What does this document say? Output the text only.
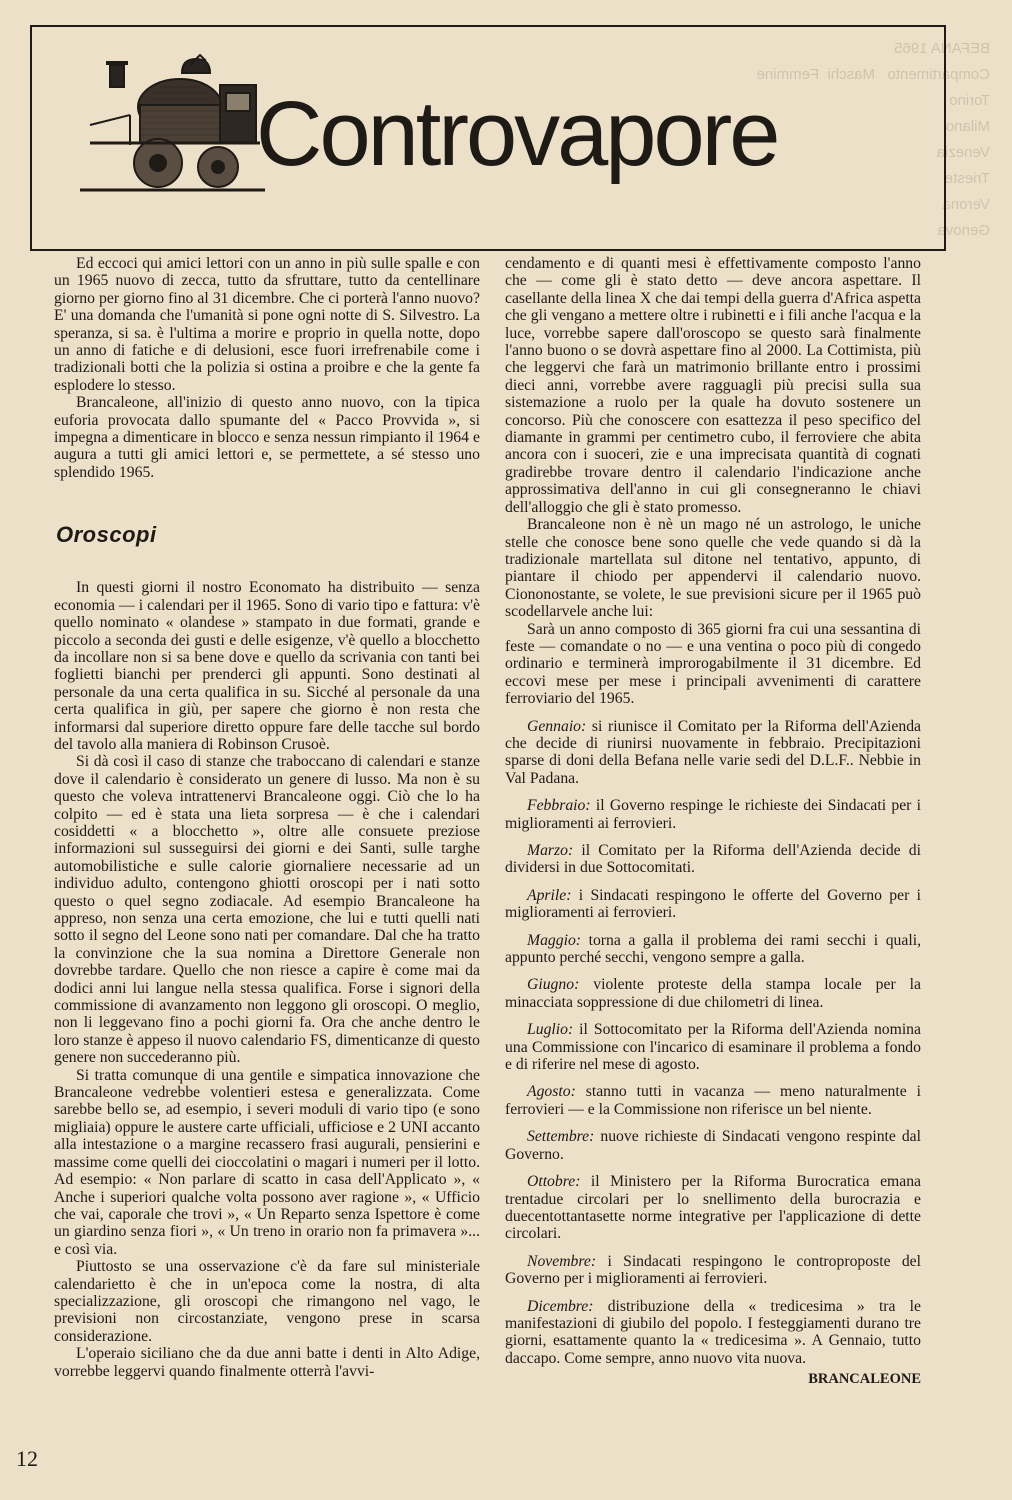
BEFANA 1965
Compartimento   Maschi  Femmine
Torino
Milano
Venezia
Trieste
Verona
Genova
Controvapore

Ed eccoci qui amici lettori con un anno in più sulle spalle e con un 1965 nuovo di zecca, tutto da sfruttare, tutto da centellinare giorno per giorno fino al 31 dicembre. Che ci porterà l'anno nuovo? E' una domanda che l'umanità si pone ogni notte di S. Silvestro. La speranza, si sa. è l'ultima a morire e proprio in quella notte, dopo un anno di fatiche e di delusioni, esce fuori irrefrenabile come i tradizionali botti che la polizia si ostina a proibre e che la gente fa esplodere lo stesso.

Brancaleone, all'inizio di questo anno nuovo, con la tipica euforia provocata dallo spumante del « Pacco Provvida », si impegna a dimenticare in blocco e senza nessun rimpianto il 1964 e augura a tutti gli amici lettori e, se permettete, a sé stesso uno splendido 1965.

In questi giorni il nostro Economato ha distribuito — senza economia — i calendari per il 1965. Sono di vario tipo e fattura: v'è quello nominato « olandese » stampato in due formati, grande e piccolo a seconda dei gusti e delle esigenze, v'è quello a blocchetto da incollare non si sa bene dove e quello da scrivania con tanti bei foglietti bianchi per prenderci gli appunti. Sono destinati al personale da una certa qualifica in su. Sicché al personale da una certa qualifica in giù, per sapere che giorno è non resta che informarsi dal superiore diretto oppure fare delle tacche sul bordo del tavolo alla maniera di Robinson Crusoè.

Si dà così il caso di stanze che traboccano di calendari e stanze dove il calendario è considerato un genere di lusso. Ma non è su questo che voleva intrattenervi Brancaleone oggi. Ciò che lo ha colpito — ed è stata una lieta sorpresa — è che i calendari cosiddetti « a blocchetto », oltre alle consuete preziose informazioni sul susseguirsi dei giorni e dei Santi, sulle targhe automobilistiche e sulle calorie giornaliere necessarie ad un individuo adulto, contengono ghiotti oroscopi per i nati sotto questo o quel segno zodiacale. Ad esempio Brancaleone ha appreso, non senza una certa emozione, che lui e tutti quelli nati sotto il segno del Leone sono nati per comandare. Dal che ha tratto la convinzione che la sua nomina a Direttore Generale non dovrebbe tardare. Quello che non riesce a capire è come mai da dodici anni lui langue nella stessa qualifica. Forse i signori della commissione di avanzamento non leggono gli oroscopi. O meglio, non li leggevano fino a pochi giorni fa. Ora che anche dentro le loro stanze è appeso il nuovo calendario FS, dimenticanze di questo genere non succederanno più.

Si tratta comunque di una gentile e simpatica innovazione che Brancaleone vedrebbe volentieri estesa e generalizzata. Come sarebbe bello se, ad esempio, i severi moduli di vario tipo (e sono migliaia) oppure le austere carte ufficiali, ufficiose e 2 UNI accanto alla intestazione o a margine recassero frasi augurali, pensierini e massime come quelli dei cioccolatini o magari i numeri per il lotto. Ad esempio: « Non parlare di scatto in casa dell'Applicato », « Anche i superiori qualche volta possono aver ragione », « Ufficio che vai, caporale che trovi », « Un Reparto senza Ispettore è come un giardino senza fiori », « Un treno in orario non fa primavera »... e così via.

Piuttosto se una osservazione c'è da fare sul ministeriale calendarietto è che in un'epoca come la nostra, di alta specializzazione, gli oroscopi che rimangono nel vago, le previsioni non circostanziate, vengono prese in scarsa considerazione.

L'operaio siciliano che da due anni batte i denti in Alto Adige, vorrebbe leggervi quando finalmente otterrà l'avvi-

Oroscopi

cendamento e di quanti mesi è effettivamente composto l'anno che — come gli è stato detto — deve ancora aspettare. Il casellante della linea X che dai tempi della guerra d'Africa aspetta che gli vengano a mettere oltre i rubinetti e i fili anche l'acqua e la luce, vorrebbe sapere dall'oroscopo se questo sarà finalmente l'anno buono o se dovrà aspettare fino al 2000. La Cottimista, più che leggervi che farà un matrimonio brillante entro i prossimi dieci anni, vorrebbe avere ragguagli più precisi sulla sua sistemazione a ruolo per la quale ha dovuto sostenere un concorso. Più che conoscere con esattezza il peso specifico del diamante in grammi per centimetro cubo, il ferroviere che abita ancora con i suoceri, zie e una imprecisata quantità di cognati gradirebbe trovare dentro il calendario l'indicazione anche approssimativa dell'anno in cui gli consegneranno le chiavi dell'alloggio che gli è stato promesso.

Brancaleone non è nè un mago né un astrologo, le uniche stelle che conosce bene sono quelle che vede quando si dà la tradizionale martellata sul ditone nel tentativo, appunto, di piantare il chiodo per appendervi il calendario nuovo. Ciononostante, se volete, le sue previsioni sicure per il 1965 può scodellarvele anche lui:

Sarà un anno composto di 365 giorni fra cui una sessantina di feste — comandate o no — e una ventina o poco più di congedo ordinario e terminerà improrogabilmente il 31 dicembre. Ed eccovi mese per mese i principali avvenimenti di carattere ferroviario del 1965.

Gennaio: si riunisce il Comitato per la Riforma dell'Azienda che decide di riunirsi nuovamente in febbraio. Precipitazioni sparse di doni della Befana nelle varie sedi del D.L.F.. Nebbie in Val Padana.

Febbraio: il Governo respinge le richieste dei Sindacati per i miglioramenti ai ferrovieri.

Marzo: il Comitato per la Riforma dell'Azienda decide di dividersi in due Sottocomitati.

Aprile: i Sindacati respingono le offerte del Governo per i miglioramenti ai ferrovieri.

Maggio: torna a galla il problema dei rami secchi i quali, appunto perché secchi, vengono sempre a galla.

Giugno: violente proteste della stampa locale per la minacciata soppressione di due chilometri di linea.

Luglio: il Sottocomitato per la Riforma dell'Azienda nomina una Commissione con l'incarico di esaminare il problema a fondo e di riferire nel mese di agosto.

Agosto: stanno tutti in vacanza — meno naturalmente i ferrovieri — e la Commissione non riferisce un bel niente.

Settembre: nuove richieste di Sindacati vengono respinte dal Governo.

Ottobre: il Ministero per la Riforma Burocratica emana trentadue circolari per lo snellimento della burocrazia e duecentottantasette norme integrative per l'applicazione di dette circolari.

Novembre: i Sindacati respingono le controproposte del Governo per i miglioramenti ai ferrovieri.

Dicembre: distribuzione della « tredicesima » tra le manifestazioni di giubilo del popolo. I festeggiamenti durano tre giorni, esattamente quanto la « tredicesima ». A Gennaio, tutto daccapo. Come sempre, anno nuovo vita nuova.

BRANCALEONE
12
